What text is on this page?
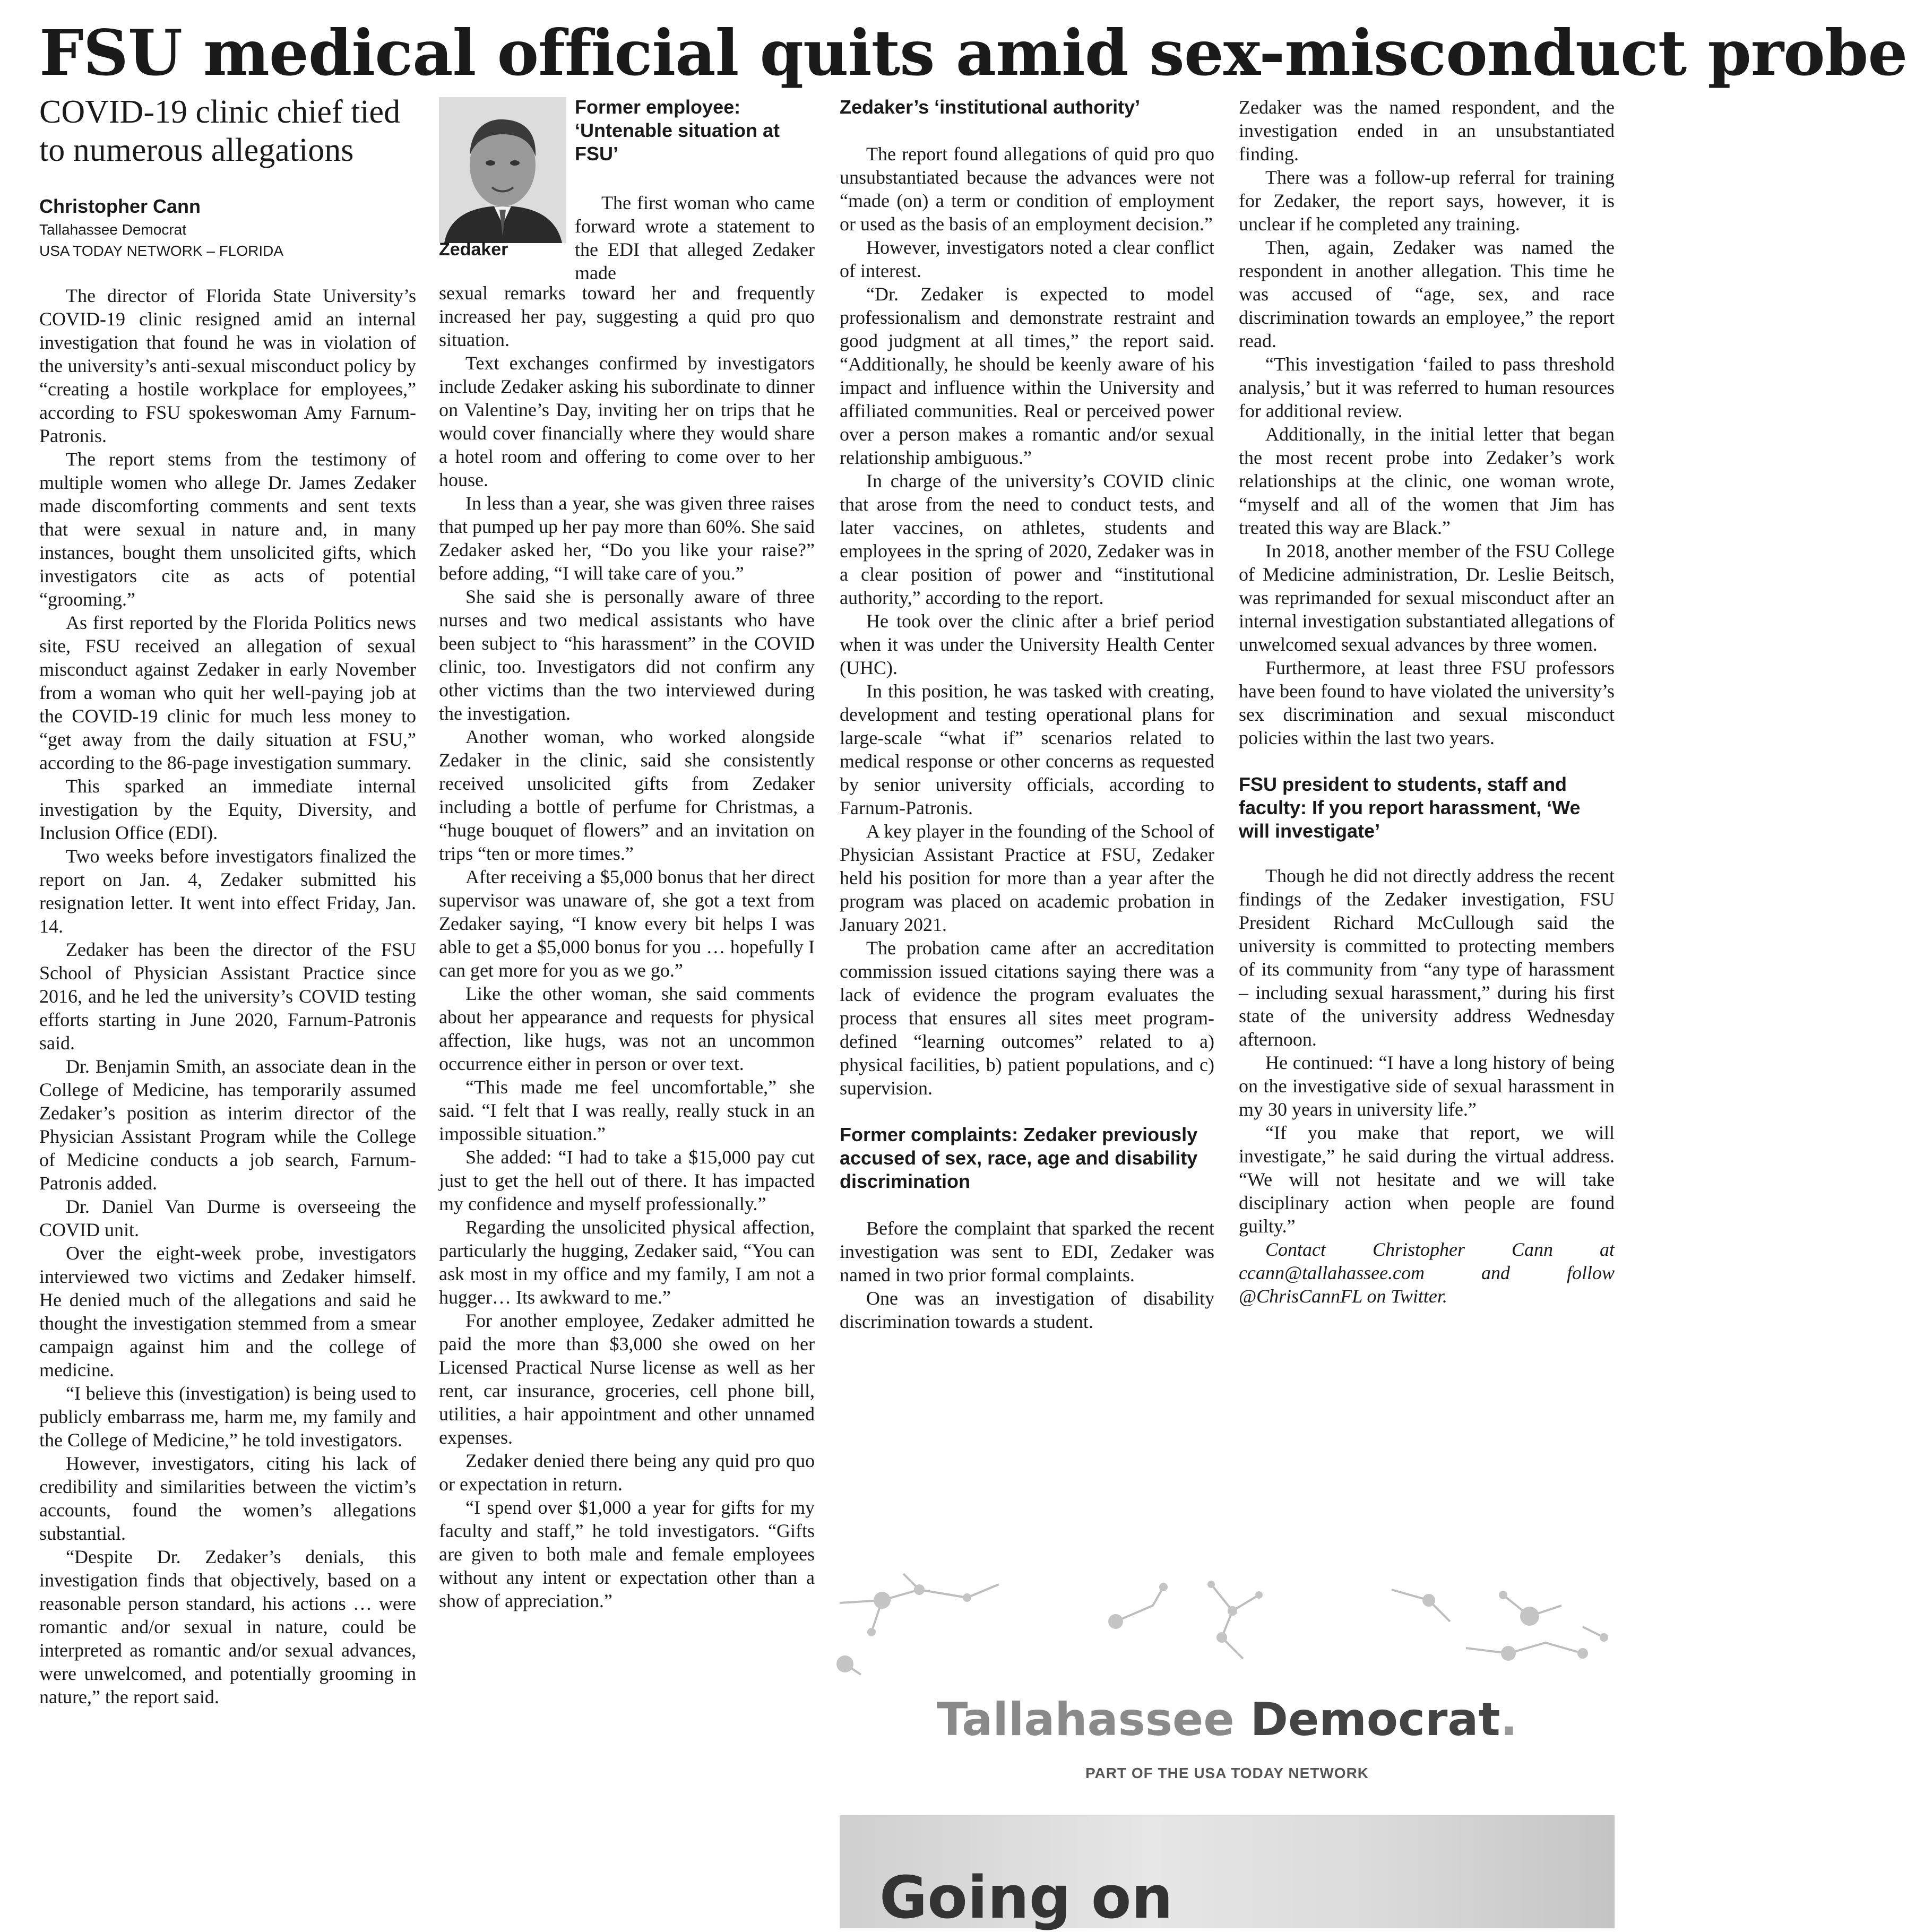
FSU medical official quits amid sex-misconduct probe
COVID-19 clinic chief tied to numerous allegations
Christopher Cann
Tallahassee Democrat
USA TODAY NETWORK – FLORIDA

The director of Florida State University’s COVID-19 clinic resigned amid an internal investigation that found he was in violation of the university’s anti-sexual misconduct policy by “creating a hostile workplace for employees,” according to FSU spokeswoman Amy Farnum-Patronis.

The report stems from the testimony of multiple women who allege Dr. James Zedaker made discomforting comments and sent texts that were sexual in nature and, in many instances, bought them unsolicited gifts, which investigators cite as acts of potential “grooming.”

As first reported by the Florida Politics news site, FSU received an allegation of sexual misconduct against Zedaker in early November from a woman who quit her well-paying job at the COVID-19 clinic for much less money to “get away from the daily situation at FSU,” according to the 86-page investigation summary.

This sparked an immediate internal investigation by the Equity, Diversity, and Inclusion Office (EDI).

Two weeks before investigators finalized the report on Jan. 4, Zedaker submitted his resignation letter. It went into effect Friday, Jan. 14.

Zedaker has been the director of the FSU School of Physician Assistant Practice since 2016, and he led the university’s COVID testing efforts starting in June 2020, Farnum-Patronis said.

Dr. Benjamin Smith, an associate dean in the College of Medicine, has temporarily assumed Zedaker’s position as interim director of the Physician Assistant Program while the College of Medicine conducts a job search, Farnum-Patronis added.

Dr. Daniel Van Durme is overseeing the COVID unit.

Over the eight-week probe, investigators interviewed two victims and Zedaker himself. He denied much of the allegations and said he thought the investigation stemmed from a smear campaign against him and the college of medicine.

“I believe this (investigation) is being used to publicly embarrass me, harm me, my family and the College of Medicine,” he told investigators.

However, investigators, citing his lack of credibility and similarities between the victim’s accounts, found the women’s allegations substantial.

“Despite Dr. Zedaker’s denials, this investigation finds that objectively, based on a reasonable person standard, his actions … were romantic and/or sexual in nature, could be interpreted as romantic and/or sexual advances, were unwelcomed, and potentially grooming in nature,” the report said.

Zedaker
Former employee: ‘Untenable situation at FSU’

The first woman who came forward wrote a statement to the EDI that alleged Zedaker made

sexual remarks toward her and frequently increased her pay, suggesting a quid pro quo situation.

Text exchanges confirmed by investigators include Zedaker asking his subordinate to dinner on Valentine’s Day, inviting her on trips that he would cover financially where they would share a hotel room and offering to come over to her house.

In less than a year, she was given three raises that pumped up her pay more than 60%. She said Zedaker asked her, “Do you like your raise?” before adding, “I will take care of you.”

She said she is personally aware of three nurses and two medical assistants who have been subject to “his harassment” in the COVID clinic, too. Investigators did not confirm any other victims than the two interviewed during the investigation.

Another woman, who worked alongside Zedaker in the clinic, said she consistently received unsolicited gifts from Zedaker including a bottle of perfume for Christmas, a “huge bouquet of flowers” and an invitation on trips “ten or more times.”

After receiving a $5,000 bonus that her direct supervisor was unaware of, she got a text from Zedaker saying, “I know every bit helps I was able to get a $5,000 bonus for you … hopefully I can get more for you as we go.”

Like the other woman, she said comments about her appearance and requests for physical affection, like hugs, was not an uncommon occurrence either in person or over text.

“This made me feel uncomfortable,” she said. “I felt that I was really, really stuck in an impossible situation.”

She added: “I had to take a $15,000 pay cut just to get the hell out of there. It has impacted my confidence and myself professionally.”

Regarding the unsolicited physical affection, particularly the hugging, Zedaker said, “You can ask most in my office and my family, I am not a hugger… Its awkward to me.”

For another employee, Zedaker admitted he paid the more than $3,000 she owed on her Licensed Practical Nurse license as well as her rent, car insurance, groceries, cell phone bill, utilities, a hair appointment and other unnamed expenses.

Zedaker denied there being any quid pro quo or expectation in return.

“I spend over $1,000 a year for gifts for my faculty and staff,” he told investigators. “Gifts are given to both male and female employees without any intent or expectation other than a show of appreciation.”

Zedaker’s ‘institutional authority’

The report found allegations of quid pro quo unsubstantiated because the advances were not “made (on) a term or condition of employment or used as the basis of an employment decision.”

However, investigators noted a clear conflict of interest.

“Dr. Zedaker is expected to model professionalism and demonstrate restraint and good judgment at all times,” the report said. “Additionally, he should be keenly aware of his impact and influence within the University and affiliated communities. Real or perceived power over a person makes a romantic and/or sexual relationship ambiguous.”

In charge of the university’s COVID clinic that arose from the need to conduct tests, and later vaccines, on athletes, students and employees in the spring of 2020, Zedaker was in a clear position of power and “institutional authority,” according to the report.

He took over the clinic after a brief period when it was under the University Health Center (UHC).

In this position, he was tasked with creating, development and testing operational plans for large-scale “what if” scenarios related to medical response or other concerns as requested by senior university officials, according to Farnum-Patronis.

A key player in the founding of the School of Physician Assistant Practice at FSU, Zedaker held his position for more than a year after the program was placed on academic probation in January 2021.

The probation came after an accreditation commission issued citations saying there was a lack of evidence the program evaluates the process that ensures all sites meet program-defined “learning outcomes” related to a) physical facilities, b) patient populations, and c) supervision.

Former complaints: Zedaker previously accused of sex, race, age and disability discrimination

Before the complaint that sparked the recent investigation was sent to EDI, Zedaker was named in two prior formal complaints.

One was an investigation of disability discrimination towards a student.

Zedaker was the named respondent, and the investigation ended in an unsubstantiated finding.

There was a follow-up referral for training for Zedaker, the report says, however, it is unclear if he completed any training.

Then, again, Zedaker was named the respondent in another allegation. This time he was accused of “age, sex, and race discrimination towards an employee,” the report read.

“This investigation ‘failed to pass threshold analysis,’ but it was referred to human resources for additional review.

Additionally, in the initial letter that began the most recent probe into Zedaker’s work relationships at the clinic, one woman wrote, “myself and all of the women that Jim has treated this way are Black.”

In 2018, another member of the FSU College of Medicine administration, Dr. Leslie Beitsch, was reprimanded for sexual misconduct after an internal investigation substantiated allegations of unwelcomed sexual advances by three women.

Furthermore, at least three FSU professors have been found to have violated the university’s sex discrimination and sexual misconduct policies within the last two years.

FSU president to students, staff and faculty: If you report harassment, ‘We will investigate’

Though he did not directly address the recent findings of the Zedaker investigation, FSU President Richard McCullough said the university is committed to protecting members of its community from “any type of harassment – including sexual harassment,” during his first state of the university address Wednesday afternoon.

He continued: “I have a long history of being on the investigative side of sexual harassment in my 30 years in university life.”

“If you make that report, we will investigate,” he said during the virtual address. “We will not hesitate and we will take disciplinary action when people are found guilty.”

Contact Christopher Cann at ccann@tallahassee.com and follow @ChrisCannFL on Twitter.

Tallahassee Democrat.
PART OF THE USA TODAY NETWORK
Going on
